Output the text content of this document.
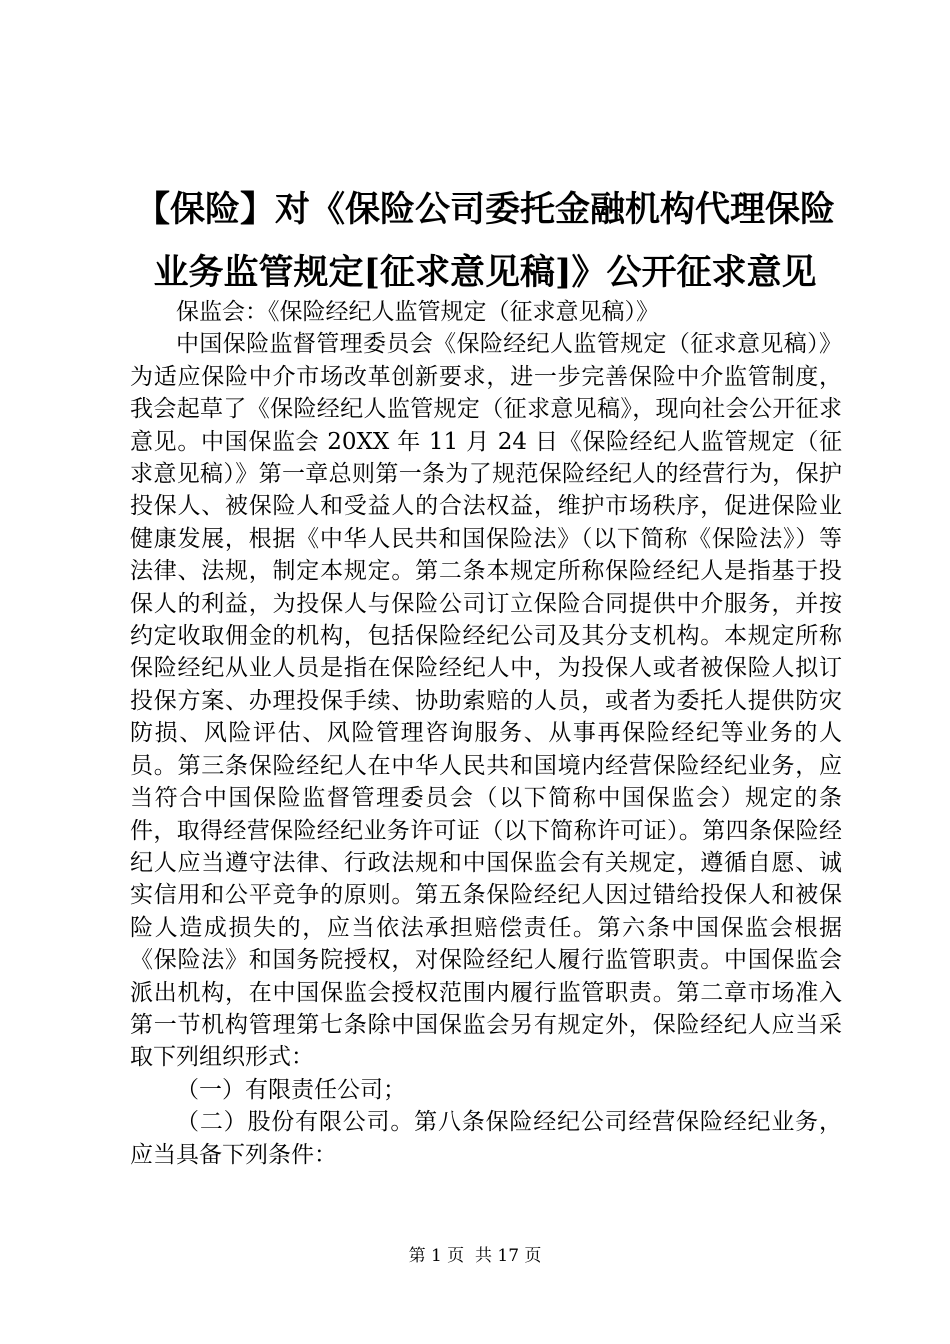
【保险】对《保险公司委托金融机构代理保险
业务监管规定[征求意见稿]》公开征求意见

保监会：《保险经纪人监管规定（征求意见稿）》

中国保险监督管理委员会《保险经纪人监管规定（征求意见稿）》为适应保险中介市场改革创新要求，进一步完善保险中介监管制度，我会起草了《保险经纪人监管规定（征求意见稿》，现向社会公开征求意见。中国保监会 20XX 年 11 月 24 日《保险经纪人监管规定（征求意见稿）》第一章总则第一条为了规范保险经纪人的经营行为，保护投保人、被保险人和受益人的合法权益，维护市场秩序，促进保险业健康发展，根据《中华人民共和国保险法》（以下简称《保险法》）等法律、法规，制定本规定。第二条本规定所称保险经纪人是指基于投保人的利益，为投保人与保险公司订立保险合同提供中介服务，并按约定收取佣金的机构，包括保险经纪公司及其分支机构。本规定所称保险经纪从业人员是指在保险经纪人中，为投保人或者被保险人拟订投保方案、办理投保手续、协助索赔的人员，或者为委托人提供防灾防损、风险评估、风险管理咨询服务、从事再保险经纪等业务的人员。第三条保险经纪人在中华人民共和国境内经营保险经纪业务，应当符合中国保险监督管理委员会（以下简称中国保监会）规定的条件，取得经营保险经纪业务许可证（以下简称许可证）。第四条保险经纪人应当遵守法律、行政法规和中国保监会有关规定，遵循自愿、诚实信用和公平竞争的原则。第五条保险经纪人因过错给投保人和被保险人造成损失的，应当依法承担赔偿责任。第六条中国保监会根据《保险法》和国务院授权，对保险经纪人履行监管职责。中国保监会派出机构，在中国保监会授权范围内履行监管职责。第二章市场准入第一节机构管理第七条除中国保监会另有规定外，保险经纪人应当采取下列组织形式：

（一）有限责任公司；

（二）股份有限公司。第八条保险经纪公司经营保险经纪业务，应当具备下列条件：

第 1 页  共 17 页
